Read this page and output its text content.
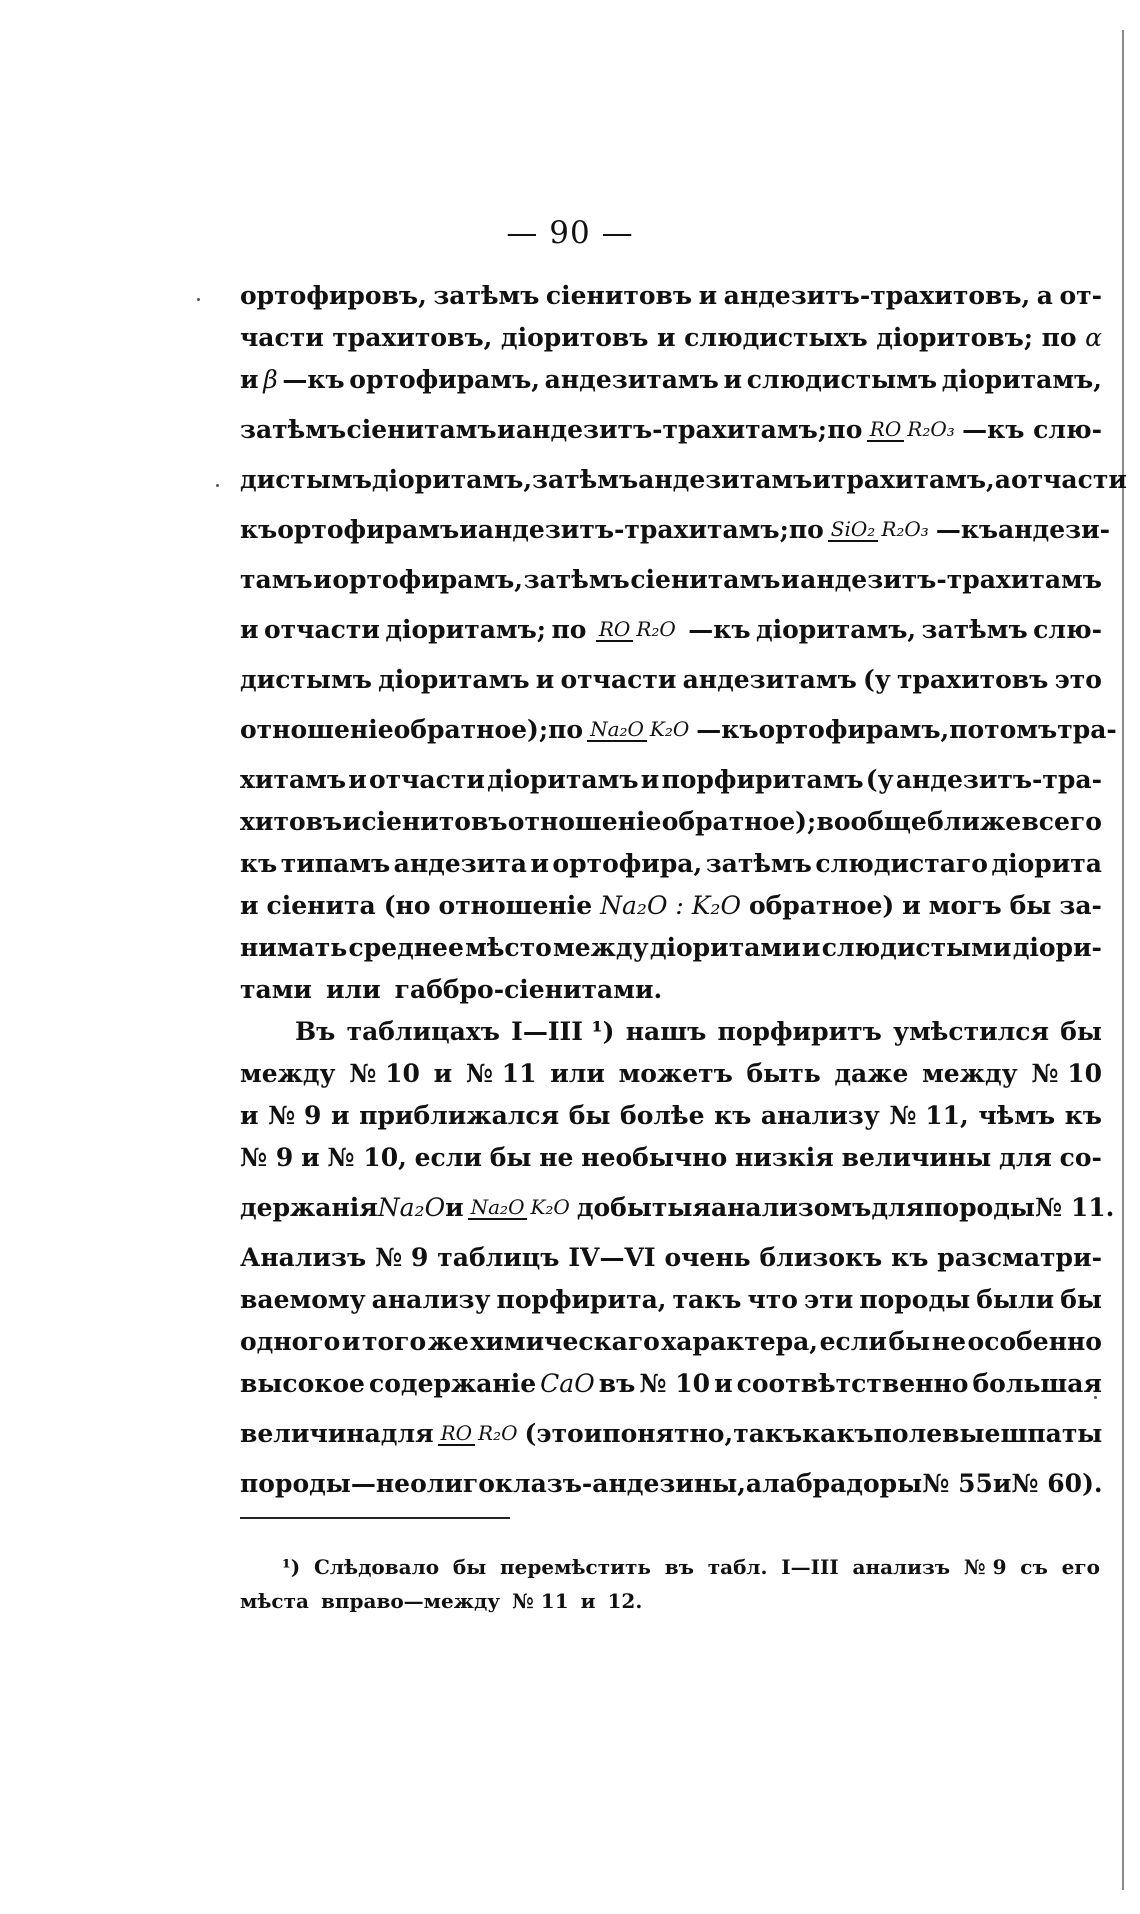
— 90 —
ортофировъ, затѣмъ сіенитовъ и андезитъ-трахитовъ, а от-
части трахитовъ, діоритовъ и слюдистыхъ діоритовъ; по α
и β —къ ортофирамъ, андезитамъ и слюдистымъ діоритамъ,
затѣмъ сіенитамъ и андезитъ-трахитамъ; по RO R₂O₃ —къ слю-
дистымъ діоритамъ, затѣмъ андезитамъ и трахитамъ, а отчасти
къ ортофирамъ и андезитъ-трахитамъ; по SiO₂ R₂O₃ — къ андези-
тамъ и ортофирамъ, затѣмъ сіенитамъ и андезитъ-трахитамъ
и отчасти діоритамъ; по RO R₂O —къ діоритамъ, затѣмъ слю-
дистымъ діоритамъ и отчасти андезитамъ (у трахитовъ это
отношеніе обратное); по Na₂O K₂O —къ ортофирамъ, потомъ тра-
хитамъ и отчасти діоритамъ и порфиритамъ (у андезитъ-тра-
хитовъ и сіенитовъ отношеніе обратное); вообще ближе всего
къ типамъ андезита и ортофира, затѣмъ слюдистаго діорита
и сіенита (но отношеніе Na₂O : K₂O обратное) и могъ бы за-
нимать среднее мѣсто между діоритами и слюдистыми діори-
тами или габбро-сіенитами.
Въ таблицахъ I—III ¹) нашъ порфиритъ умѣстился бы
между № 10 и № 11 или можетъ быть даже между № 10
и № 9 и приближался бы болѣе къ анализу № 11, чѣмъ къ
№ 9 и № 10, если бы не необычно низкія величины для со-
держанія Na₂O и Na₂O K₂O добытыя анализомъ для породы № 11.
Анализъ № 9 таблицъ IV—VI очень близокъ къ разсматри-
ваемому анализу порфирита, такъ что эти породы были бы
одного и того же химическаго характера, если бы не особенно
высокое содержаніе CaO въ № 10 и соотвѣтственно большая
величина для RO R₂O (это и понятно, такъ какъ полевые шпаты
породы—не олигоклазъ-андезины, а лабрадоры № 55 и № 60).
¹) Слѣдовало бы перемѣстить въ табл. I—III анализъ № 9 съ его
мѣста вправо—между № 11 и 12.
